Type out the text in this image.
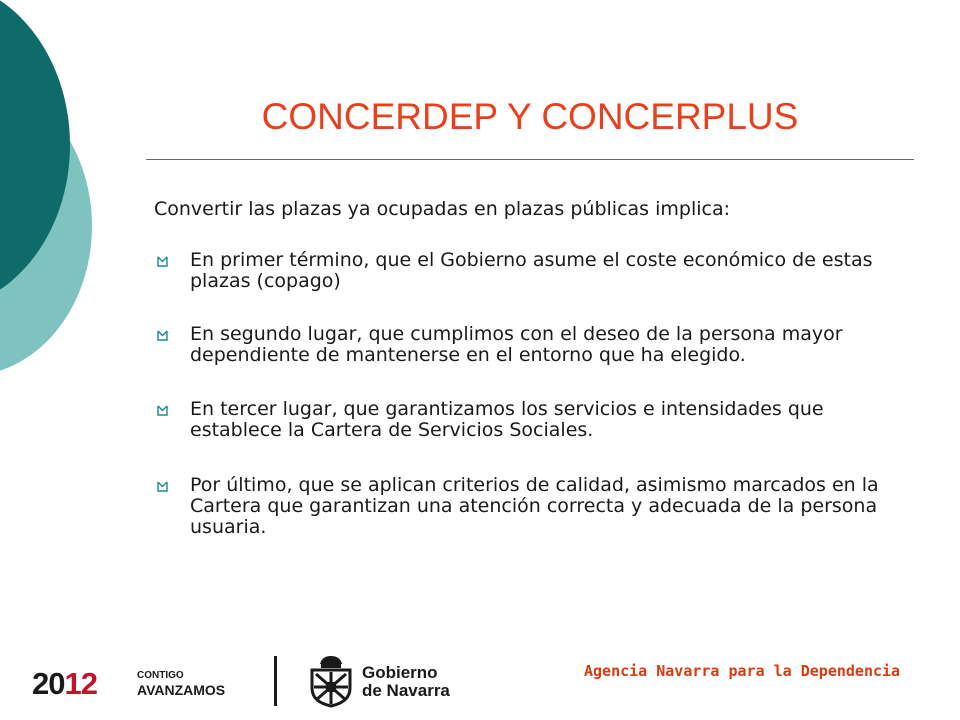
CONCERDEP Y CONCERPLUS
Convertir las plazas ya ocupadas en plazas públicas implica:
En primer término, que el Gobierno asume el coste económico de estas plazas (copago)
En segundo lugar, que cumplimos con el deseo de la persona mayor dependiente de mantenerse en el entorno que ha elegido.
En tercer lugar, que garantizamos los servicios e intensidades que establece la Cartera de Servicios Sociales.
Por último, que se aplican criterios de calidad, asimismo marcados en la Cartera que garantizan una atención correcta y adecuada de la persona usuaria.
2012	CONTIGO
AVANZAMOS
Gobierno
de Navarra
Agencia Navarra para la Dependencia
